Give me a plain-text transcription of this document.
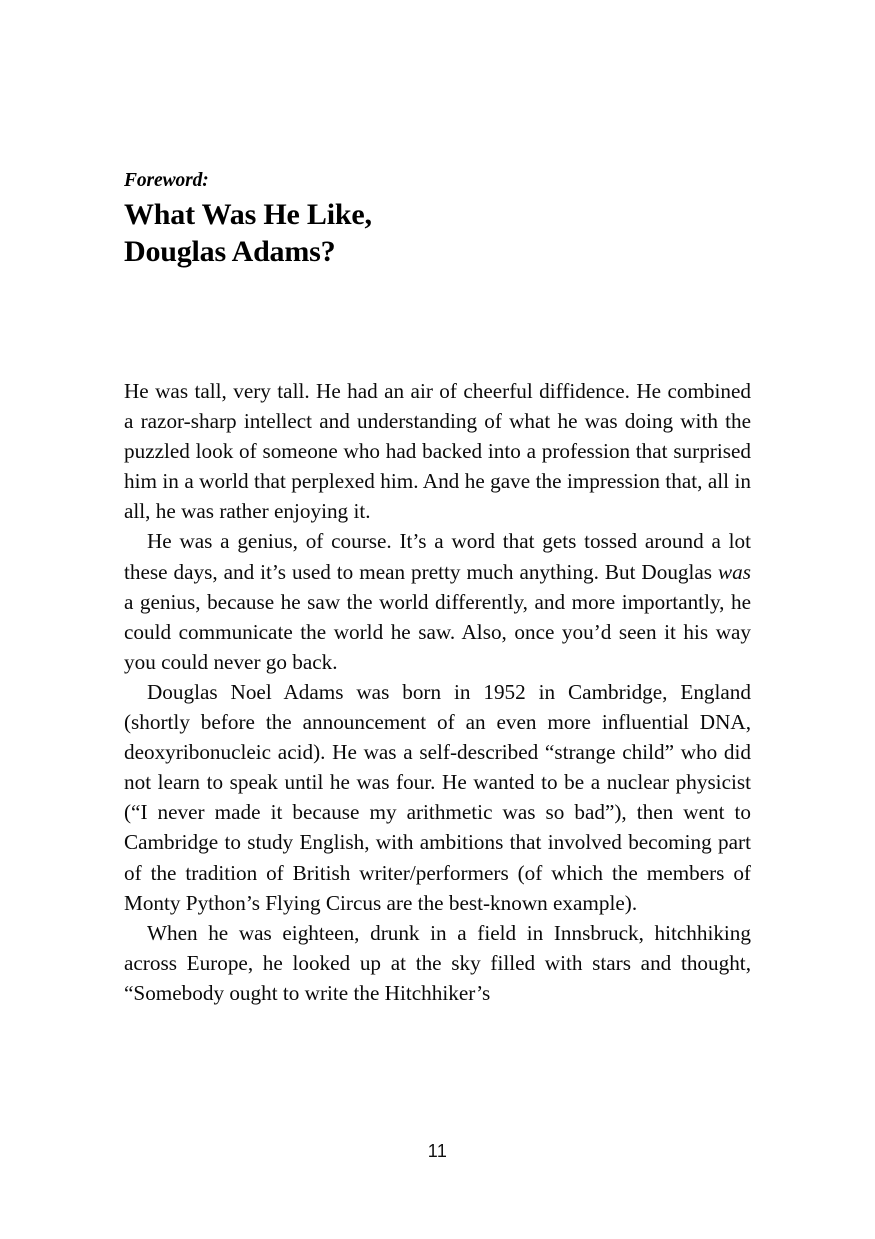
Foreword:
What Was He Like,
Douglas Adams?

He was tall, very tall. He had an air of cheerful diffidence. He combined a razor-sharp intellect and understanding of what he was doing with the puzzled look of someone who had backed into a profession that surprised him in a world that perplexed him. And he gave the impression that, all in all, he was rather enjoying it.

He was a genius, of course. It’s a word that gets tossed around a lot these days, and it’s used to mean pretty much anything. But Douglas was a genius, because he saw the world differently, and more importantly, he could communicate the world he saw. Also, once you’d seen it his way you could never go back.

Douglas Noel Adams was born in 1952 in Cambridge, England (shortly before the announcement of an even more influential DNA, deoxyribonucleic acid). He was a self-described “strange child” who did not learn to speak until he was four. He wanted to be a nuclear physicist (“I never made it because my arithmetic was so bad”), then went to Cambridge to study English, with ambitions that involved becoming part of the tradition of British writer/performers (of which the members of Monty Python’s Flying Circus are the best-known example).

When he was eighteen, drunk in a field in Innsbruck, hitchhiking across Europe, he looked up at the sky filled with stars and thought, “Somebody ought to write the Hitchhiker’s

11
